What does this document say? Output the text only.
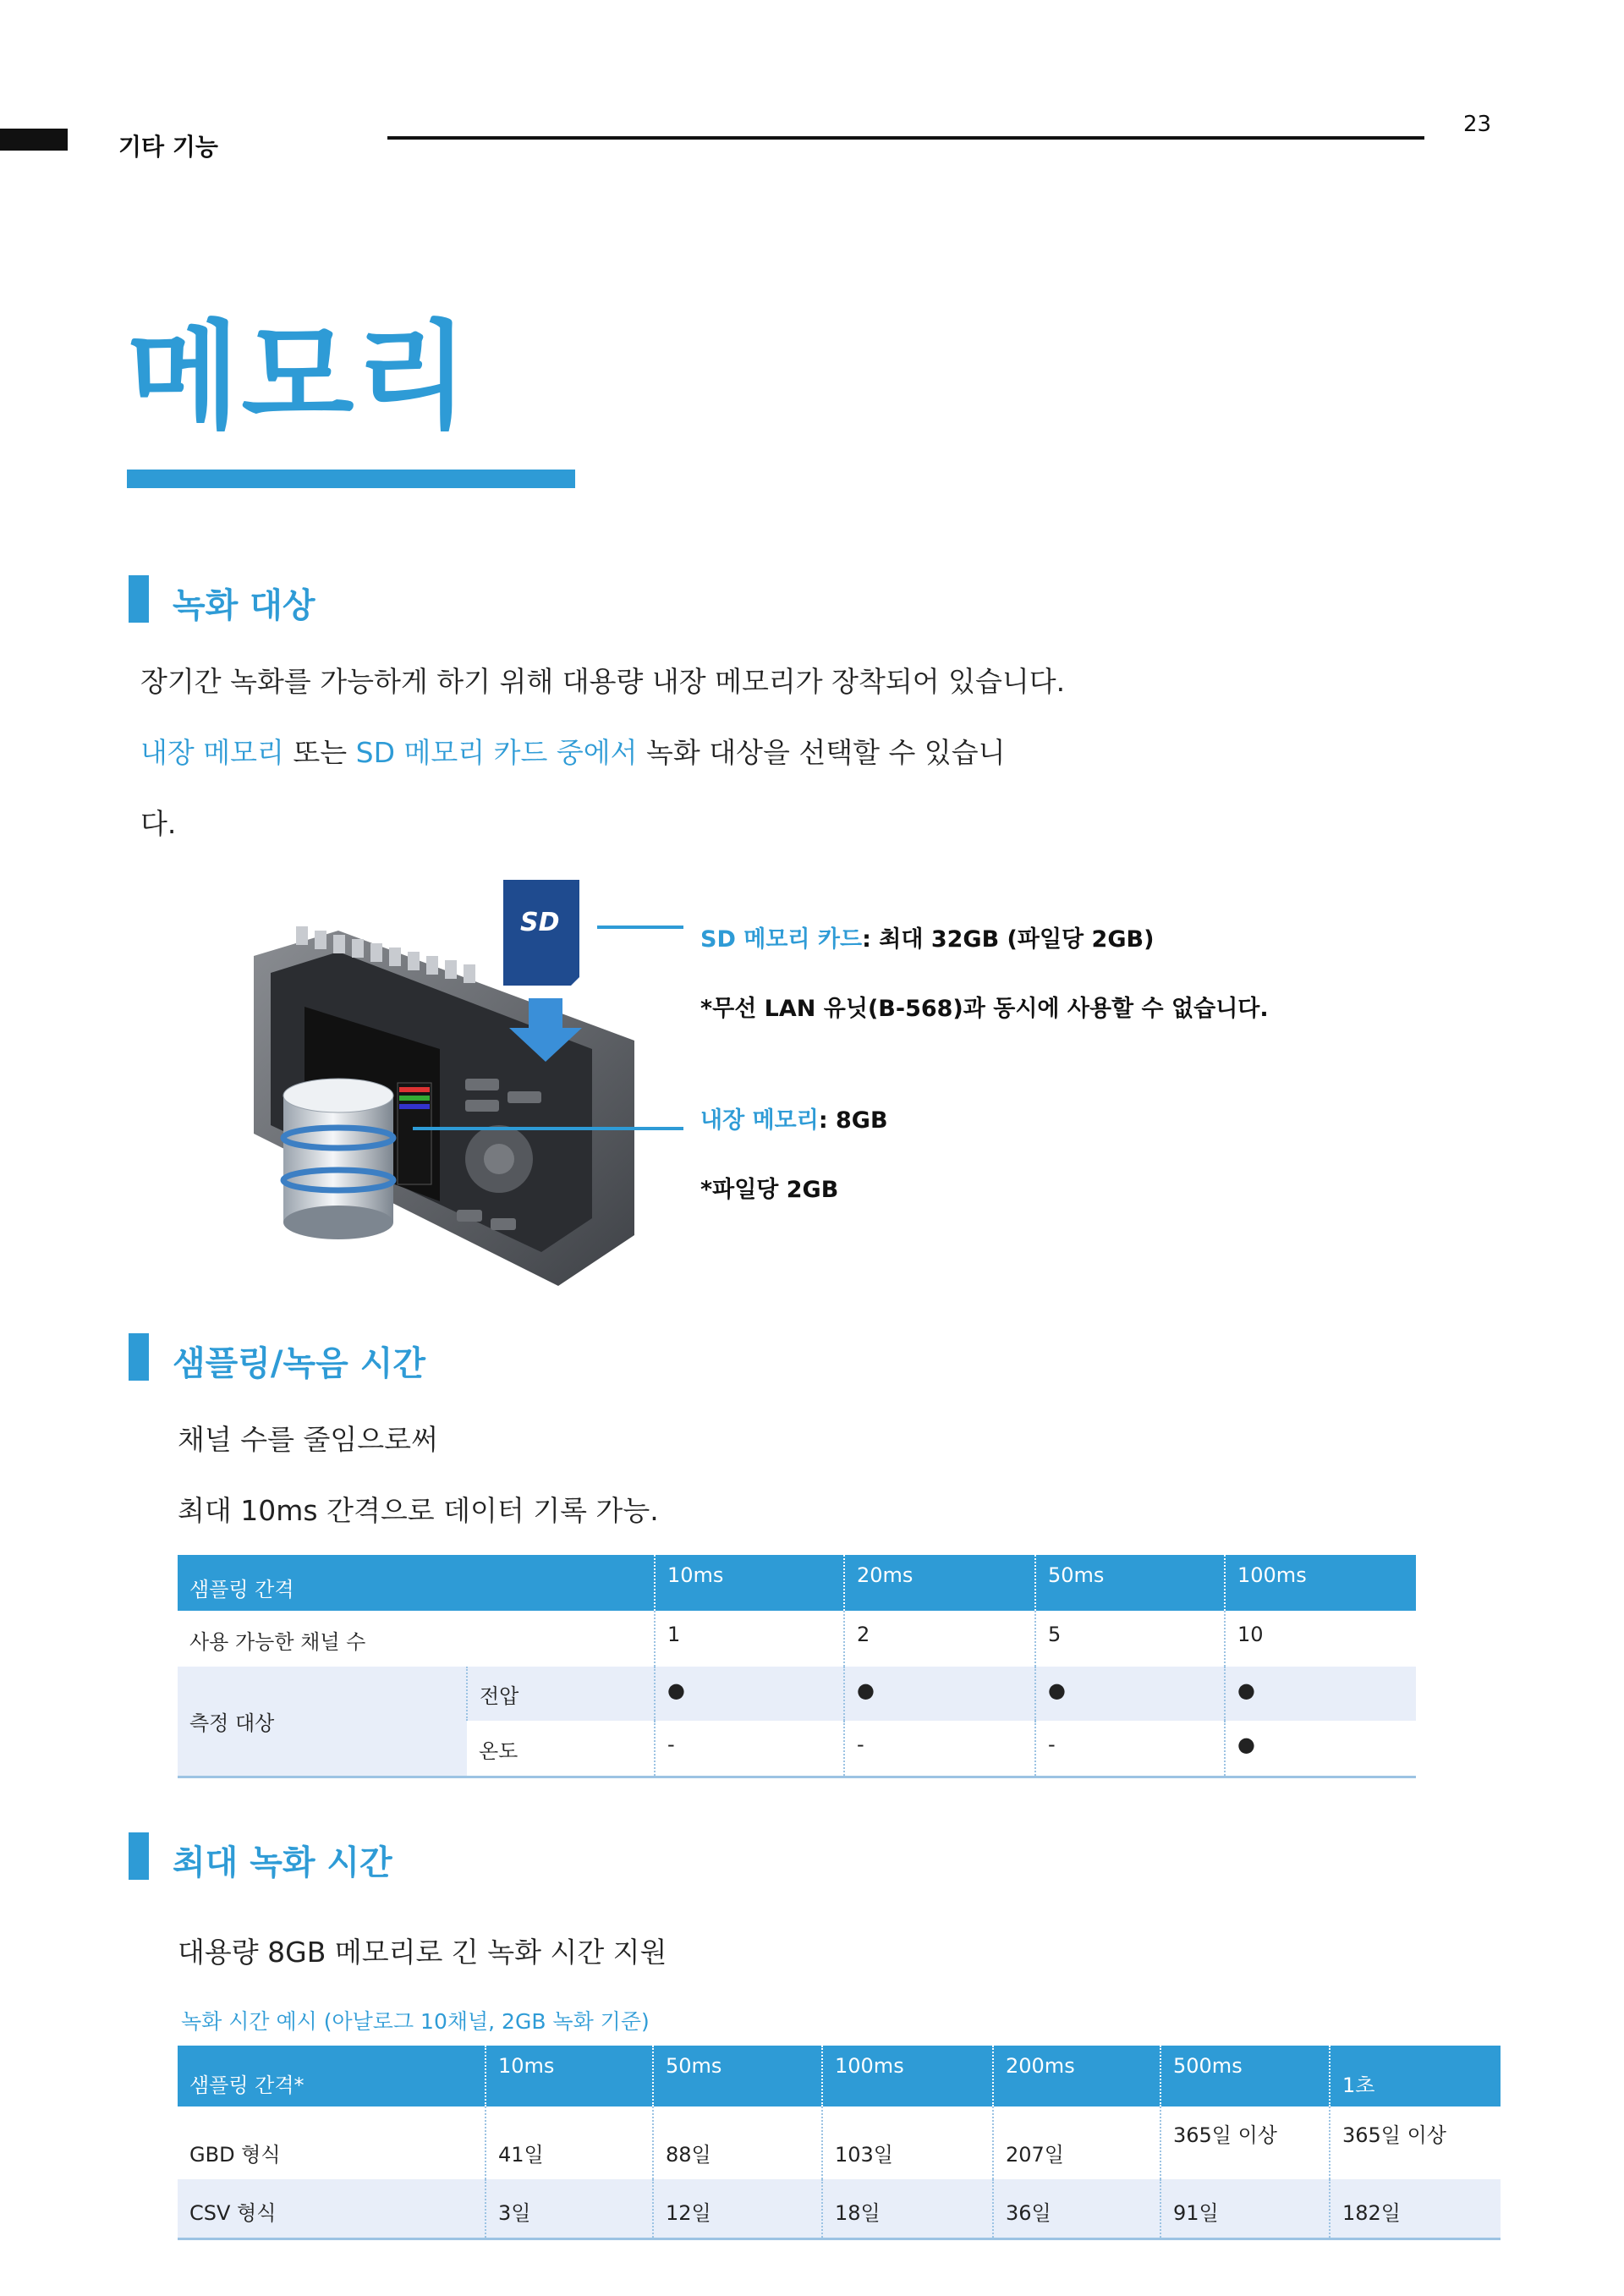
기타 기능
23
메모리
녹화 대상
장기간 녹화를 가능하게 하기 위해 대용량 내장 메모리가 장착되어 있습니다.
내장 메모리 또는 SD 메모리 카드 중에서 녹화 대상을 선택할 수 있습니
다.
SD
SD 메모리 카드: 최대 32GB (파일당 2GB)
*무선 LAN 유닛(B-568)과 동시에 사용할 수 없습니다.
내장 메모리: 8GB
*파일당 2GB
샘플링/녹음 시간
채널 수를 줄임으로써
최대 10ms 간격으로 데이터 기록 가능.
샘플링 간격		10ms	20ms	50ms	100ms
사용 가능한 채널 수		1	2	5	10
측정 대상	전압	●	●	●	●
	온도	-	-	-	●
최대 녹화 시간
대용량 8GB 메모리로 긴 녹화 시간 지원
녹화 시간 예시 (아날로그 10채널, 2GB 녹화 기준)
샘플링 간격*	10ms	50ms	100ms	200ms	500ms	1초
GBD 형식	41일	88일	103일	207일	365일 이상	365일 이상
CSV 형식	3일	12일	18일	36일	91일	182일
